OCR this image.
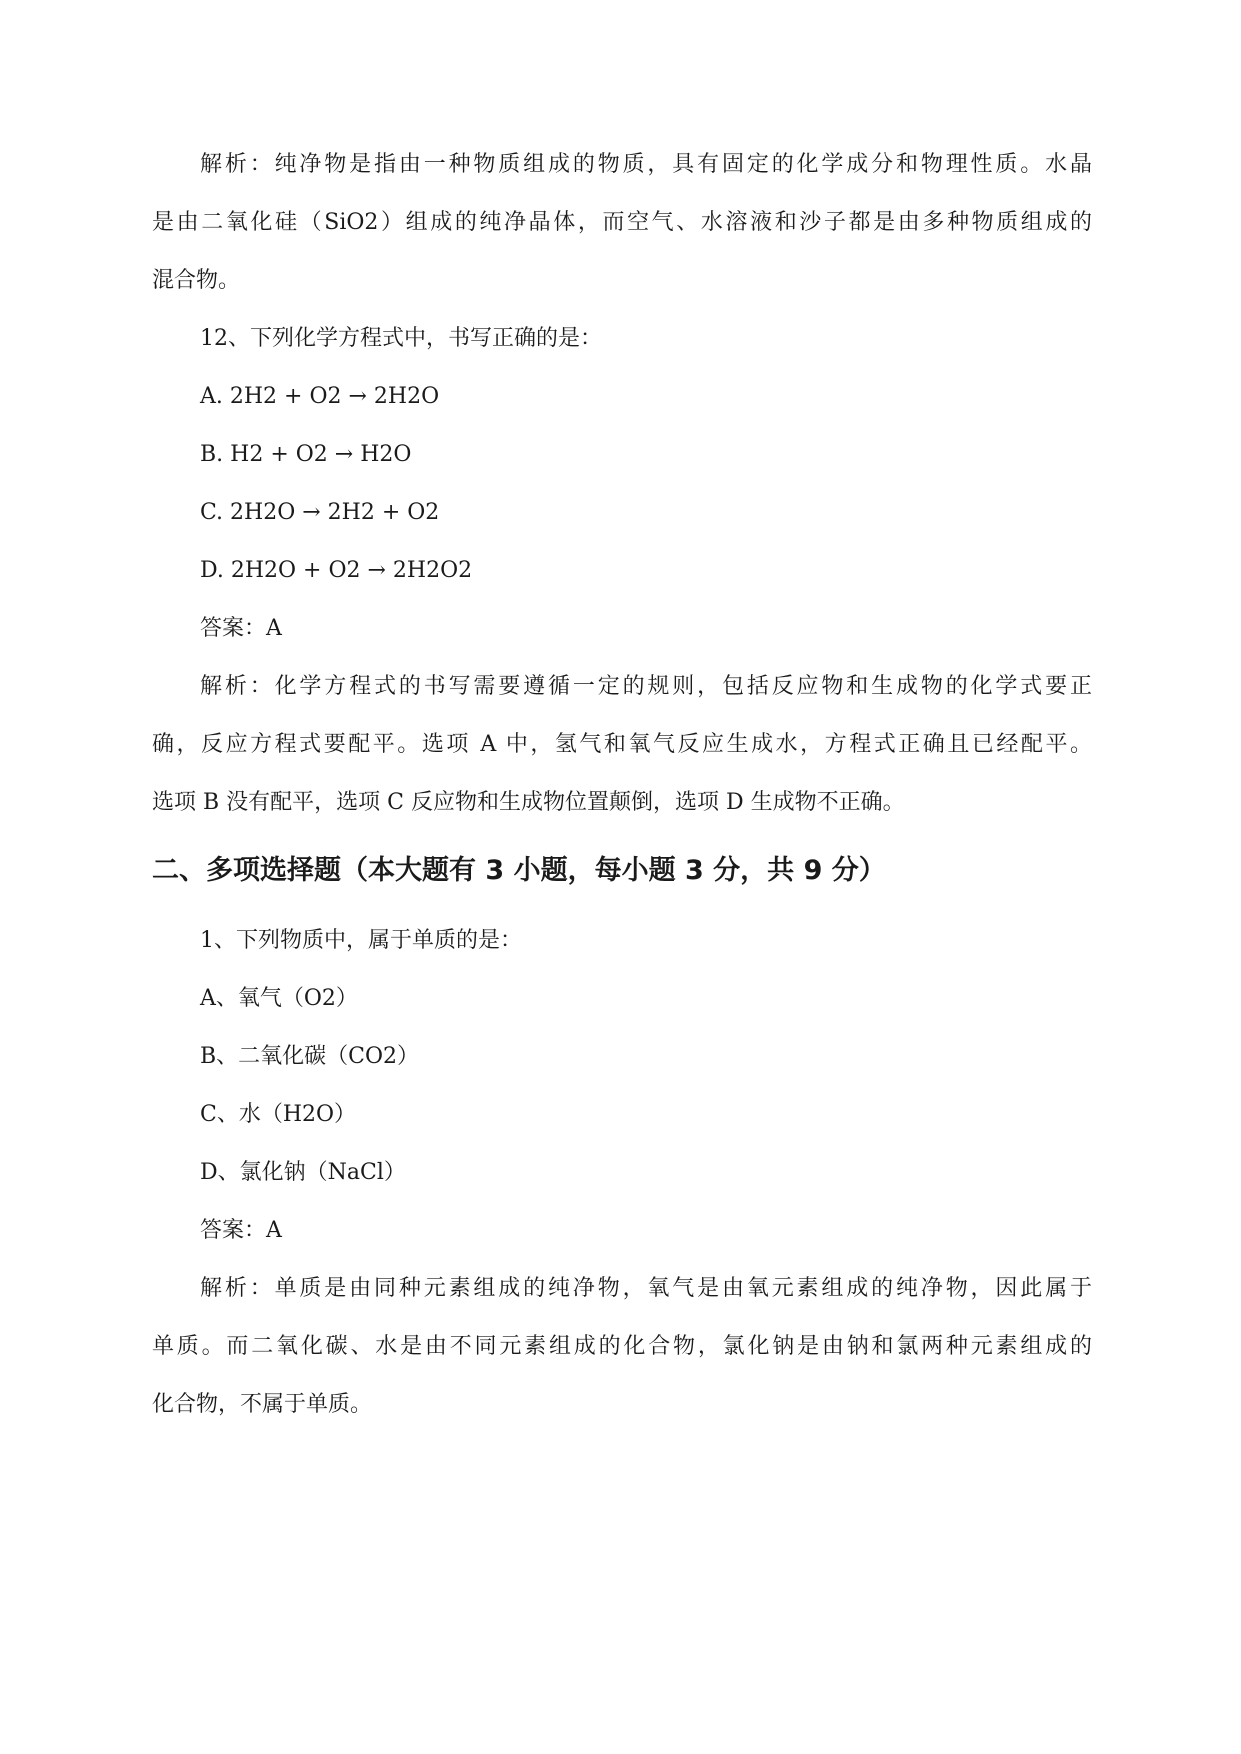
解析：纯净物是指由一种物质组成的物质，具有固定的化学成分和物理性质。水晶

是由二氧化硅（SiO2）组成的纯净晶体，而空气、水溶液和沙子都是由多种物质组成的

混合物。

12、下列化学方程式中，书写正确的是：

A. 2H2 + O2 → 2H2O

B. H2 + O2 → H2O

C. 2H2O → 2H2 + O2

D. 2H2O + O2 → 2H2O2

答案：A

解析：化学方程式的书写需要遵循一定的规则，包括反应物和生成物的化学式要正

确，反应方程式要配平。选项 A 中，氢气和氧气反应生成水，方程式正确且已经配平。

选项 B 没有配平，选项 C 反应物和生成物位置颠倒，选项 D 生成物不正确。

二、多项选择题（本大题有 3 小题，每小题 3 分，共 9 分）

1、下列物质中，属于单质的是：

A、氧气（O2）

B、二氧化碳（CO2）

C、水（H2O）

D、氯化钠（NaCl）

答案：A

解析：单质是由同种元素组成的纯净物，氧气是由氧元素组成的纯净物，因此属于

单质。而二氧化碳、水是由不同元素组成的化合物，氯化钠是由钠和氯两种元素组成的

化合物，不属于单质。
